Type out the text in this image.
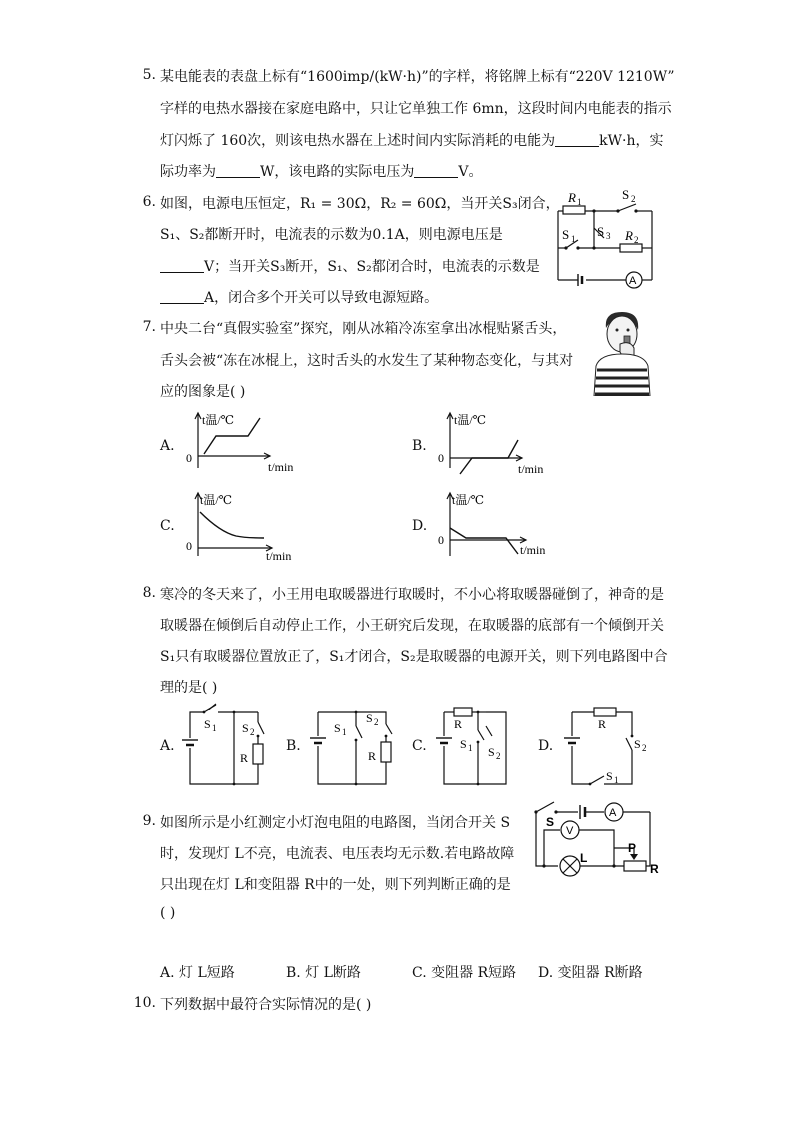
5. 某电能表的表盘上标有“1600imp/(kW·h)”的字样，将铭牌上标有“220V 1210W”
字样的电热水器接在家庭电路中，只让它单独工作 6mn，这段时间内电能表的指示
灯闪烁了 160次，则该电热水器在上述时间内实际消耗的电能为	kW·h，实
际功率为	W，该电路的实际电压为	V。
6. 如图，电源电压恒定，R₁ = 30Ω，R₂ = 60Ω，当开关S₃闭合，
S₁、S₂都断开时，电流表的示数为0.1A，则电源电压是
V；当开关S₃断开，S₁、S₂都闭合时，电流表的示数是
A，闭合多个开关可以导致电源短路。
R 1	S 2
S 1 S 3 R 2
A
7. 中央二台“真假实验室”探究，刚从冰箱冷冻室拿出冰棍贴紧舌头，
舌头会被“冻在冰棍上，这时舌头的水发生了某种物态变化，与其对
应的图象是( )
A.
t温/℃
0
t/min
B.
t温/℃
0
t/min
C.
t温/℃
0
t/min
D.
t温/℃
0
t/min
8. 寒冷的冬天来了，小王用电取暖器进行取暖时，不小心将取暖器碰倒了，神奇的是
取暖器在倾倒后自动停止工作，小王研究后发现，在取暖器的底部有一个倾倒开关
S₁只有取暖器位置放正了，S₁才闭合，S₂是取暖器的电源开关，则下列电路图中合
理的是( )
A.
S 1 S 2
R
B.
S 1
S 2
R
C.
R
S 1 S 2
D.
R
S 2
S 1
9. 如图所示是小红测定小灯泡电阻的电路图，当闭合开关 S
时，发现灯 L不亮，电流表、电压表均无示数.若电路故障
只出现在灯 L和变阻器 R中的一处，则下列判断正确的是
( )
S
A
V
L
P
R
A. 灯 L短路	B. 灯 L断路	C. 变阻器 R短路 D. 变阻器 R断路
10. 下列数据中最符合实际情况的是( )
